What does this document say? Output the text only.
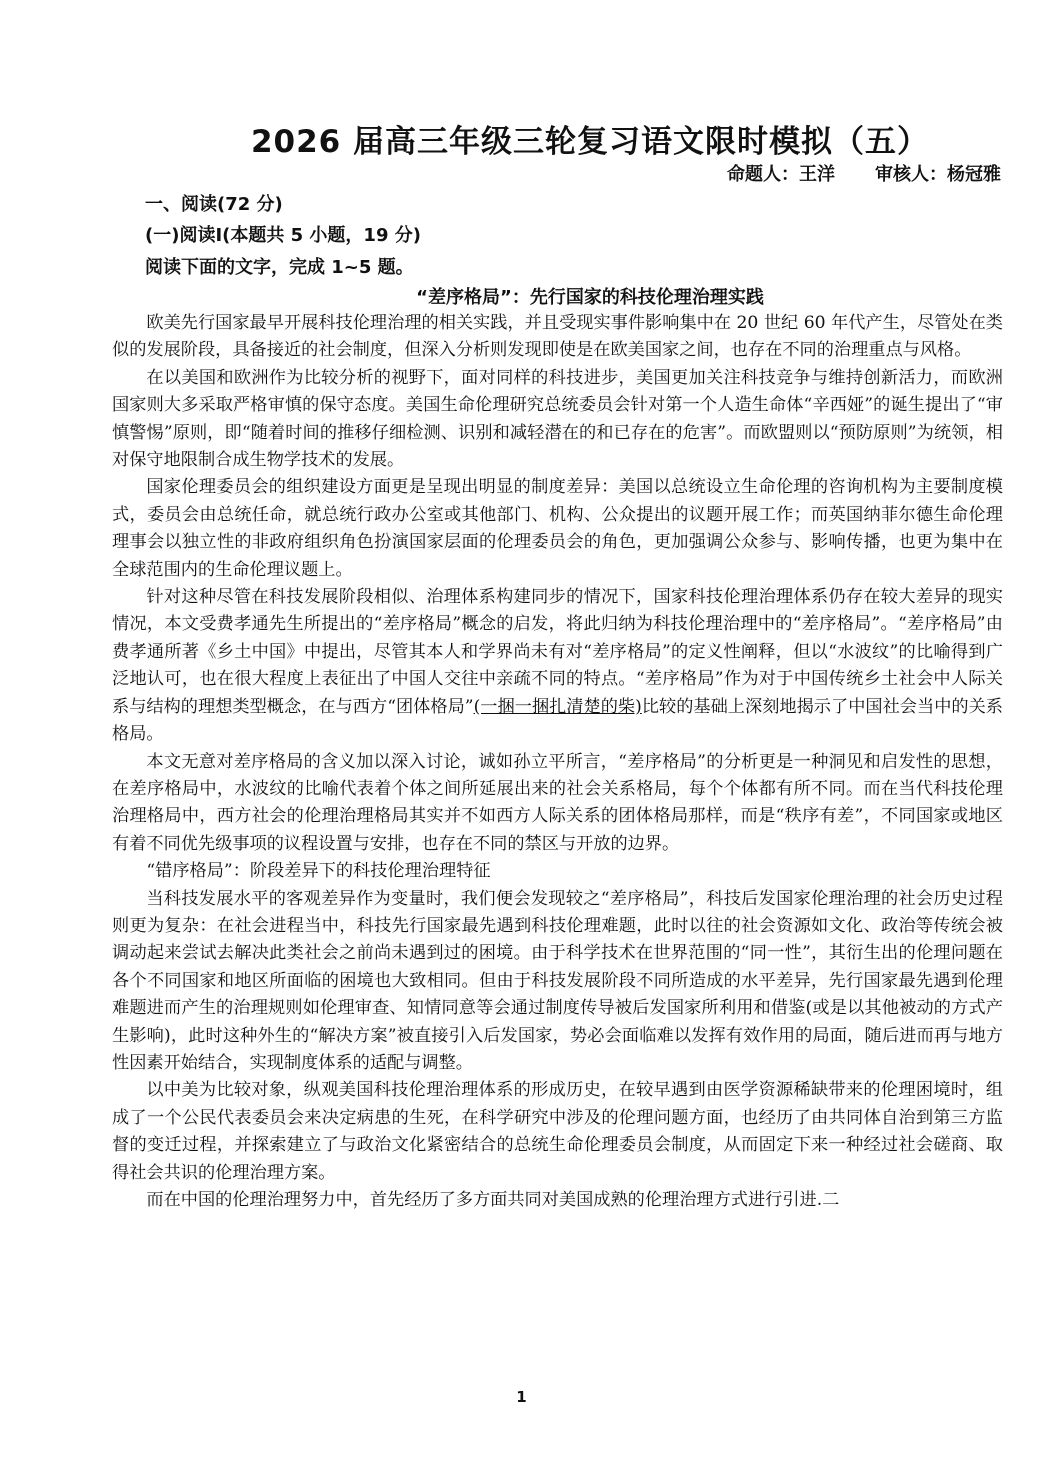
2026 届高三年级三轮复习语文限时模拟（五）
命题人：王洋 审核人：杨冠雅
一、阅读(72 分)
(一)阅读Ⅰ(本题共 5 小题，19 分)
阅读下面的文字，完成 1~5 题。
“差序格局”：先行国家的科技伦理治理实践

欧美先行国家最早开展科技伦理治理的相关实践，并且受现实事件影响集中在 20 世纪 60 年代产生，尽管处在类似的发展阶段，具备接近的社会制度，但深入分析则发现即使是在欧美国家之间，也存在不同的治理重点与风格。

在以美国和欧洲作为比较分析的视野下，面对同样的科技进步，美国更加关注科技竞争与维持创新活力，而欧洲国家则大多采取严格审慎的保守态度。美国生命伦理研究总统委员会针对第一个人造生命体“辛西娅”的诞生提出了“审慎警惕”原则，即“随着时间的推移仔细检测、识别和减轻潜在的和已存在的危害”。而欧盟则以“预防原则”为统领，相对保守地限制合成生物学技术的发展。

国家伦理委员会的组织建设方面更是呈现出明显的制度差异：美国以总统设立生命伦理的咨询机构为主要制度模式，委员会由总统任命，就总统行政办公室或其他部门、机构、公众提出的议题开展工作；而英国纳菲尔德生命伦理理事会以独立性的非政府组织角色扮演国家层面的伦理委员会的角色，更加强调公众参与、影响传播，也更为集中在全球范围内的生命伦理议题上。

针对这种尽管在科技发展阶段相似、治理体系构建同步的情况下，国家科技伦理治理体系仍存在较大差异的现实情况，本文受费孝通先生所提出的“差序格局”概念的启发，将此归纳为科技伦理治理中的“差序格局”。“差序格局”由费孝通所著《乡土中国》中提出，尽管其本人和学界尚未有对“差序格局”的定义性阐释，但以“水波纹”的比喻得到广泛地认可，也在很大程度上表征出了中国人交往中亲疏不同的特点。“差序格局”作为对于中国传统乡土社会中人际关系与结构的理想类型概念，在与西方“团体格局”(一捆一捆扎清楚的柴)比较的基础上深刻地揭示了中国社会当中的关系格局。

本文无意对差序格局的含义加以深入讨论，诚如孙立平所言，“差序格局”的分析更是一种洞见和启发性的思想，在差序格局中，水波纹的比喻代表着个体之间所延展出来的社会关系格局，每个个体都有所不同。而在当代科技伦理治理格局中，西方社会的伦理治理格局其实并不如西方人际关系的团体格局那样，而是“秩序有差”，不同国家或地区有着不同优先级事项的议程设置与安排，也存在不同的禁区与开放的边界。

“错序格局”：阶段差异下的科技伦理治理特征

当科技发展水平的客观差异作为变量时，我们便会发现较之“差序格局”，科技后发国家伦理治理的社会历史过程则更为复杂：在社会进程当中，科技先行国家最先遇到科技伦理难题，此时以往的社会资源如文化、政治等传统会被调动起来尝试去解决此类社会之前尚未遇到过的困境。由于科学技术在世界范围的“同一性”，其衍生出的伦理问题在各个不同国家和地区所面临的困境也大致相同。但由于科技发展阶段不同所造成的水平差异，先行国家最先遇到伦理难题进而产生的治理规则如伦理审查、知情同意等会通过制度传导被后发国家所利用和借鉴(或是以其他被动的方式产生影响)，此时这种外生的“解决方案”被直接引入后发国家，势必会面临难以发挥有效作用的局面，随后进而再与地方性因素开始结合，实现制度体系的适配与调整。

以中美为比较对象，纵观美国科技伦理治理体系的形成历史，在较早遇到由医学资源稀缺带来的伦理困境时，组成了一个公民代表委员会来决定病患的生死，在科学研究中涉及的伦理问题方面，也经历了由共同体自治到第三方监督的变迁过程，并探索建立了与政治文化紧密结合的总统生命伦理委员会制度，从而固定下来一种经过社会磋商、取得社会共识的伦理治理方案。

而在中国的伦理治理努力中，首先经历了多方面共同对美国成熟的伦理治理方式进行引进.二

1
